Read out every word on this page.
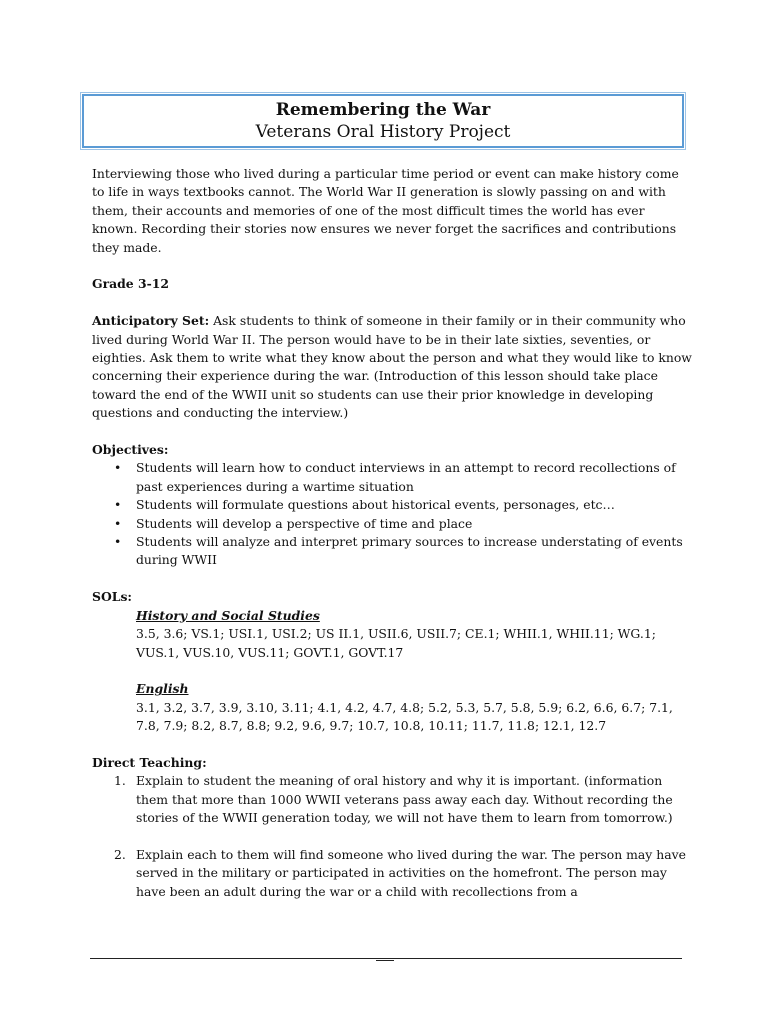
Remembering the War
Veterans Oral History Project

Interviewing those who lived during a particular time period or event can make history come to life in ways textbooks cannot. The World War II generation is slowly passing on and with them, their accounts and memories of one of the most difficult times the world has ever known. Recording their stories now ensures we never forget the sacrifices and contributions they made.

Grade 3-12

Anticipatory Set: Ask students to think of someone in their family or in their community who lived during World War II. The person would have to be in their late sixties, seventies, or eighties. Ask them to write what they know about the person and what they would like to know concerning their experience during the war. (Introduction of this lesson should take place toward the end of the WWII unit so students can use their prior knowledge in developing questions and conducting the interview.)

Objectives:

• Students will learn how to conduct interviews in an attempt to record recollections of past experiences during a wartime situation
• Students will formulate questions about historical events, personages, etc…
• Students will develop a perspective of time and place
• Students will analyze and interpret primary sources to increase understating of events during WWII

SOLs:

History and Social Studies

3.5, 3.6; VS.1; USI.1, USI.2; US II.1, USII.6, USII.7; CE.1; WHII.1, WHII.11; WG.1; VUS.1, VUS.10, VUS.11; GOVT.1, GOVT.17

English

3.1, 3.2, 3.7, 3.9, 3.10, 3.11; 4.1, 4.2, 4.7, 4.8; 5.2, 5.3, 5.7, 5.8, 5.9; 6.2, 6.6, 6.7; 7.1, 7.8, 7.9; 8.2, 8.7, 8.8; 9.2, 9.6, 9.7; 10.7, 10.8, 10.11; 11.7, 11.8; 12.1, 12.7

Direct Teaching:

1. Explain to student the meaning of oral history and why it is important. (information them that more than 1000 WWII veterans pass away each day. Without recording the stories of the WWII generation today, we will not have them to learn from tomorrow.)
2. Explain each to them will find someone who lived during the war. The person may have served in the military or participated in activities on the homefront. The person may have been an adult during the war or a child with recollections from a
